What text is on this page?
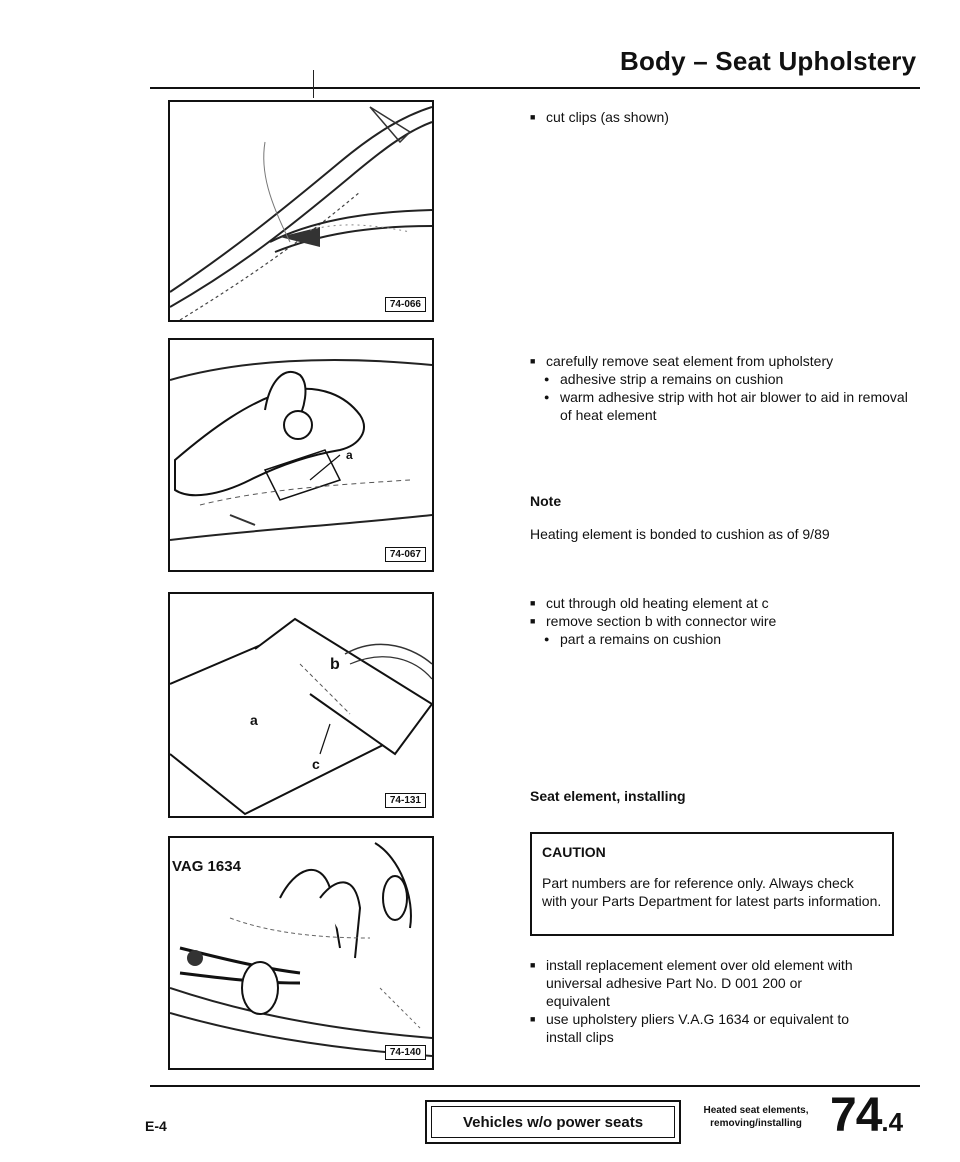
Body – Seat Upholstery
74-066
a
74-067
a
b
c
74-131
VAG 1634
74-140
■ cut clips (as shown)
■ carefully remove seat element from upholstery
● adhesive strip a remains on cushion
● warm adhesive strip with hot air blower to aid in removal of heat element
Note
Heating element is bonded to cushion as of 9/89
■ cut through old heating element at c
■ remove section b with connector wire
● part a remains on cushion
Seat element, installing
CAUTION
Part numbers are for reference only. Always check with your Parts Department for latest parts information.
■ install replacement element over old element with universal adhesive Part No. D 001 200 or equivalent
■ use upholstery pliers V.A.G 1634 or equivalent to install clips
E-4	Vehicles w/o power seats
Heated seat elements, removing/installing 74.4
